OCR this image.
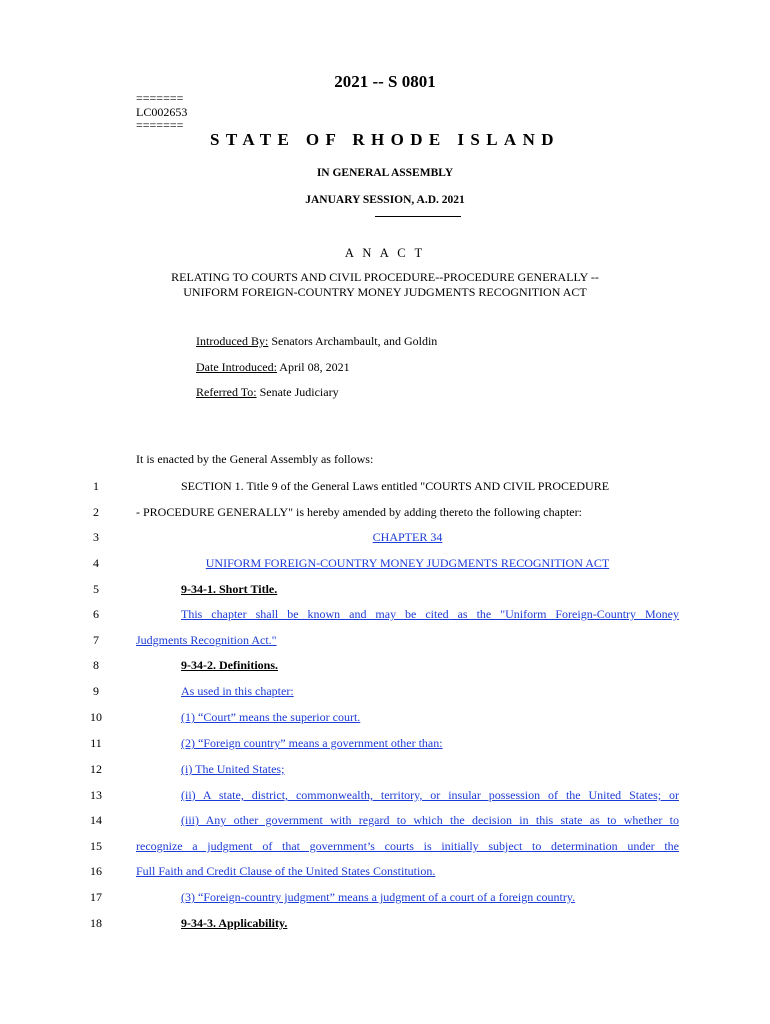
2021 -- S 0801
=======
LC002653
=======
STATE OF RHODE ISLAND
IN GENERAL ASSEMBLY
JANUARY SESSION, A.D. 2021
A N A C T
RELATING TO COURTS AND CIVIL PROCEDURE--PROCEDURE GENERALLY --
UNIFORM FOREIGN-COUNTRY MONEY JUDGMENTS RECOGNITION ACT
Introduced By: Senators Archambault, and Goldin
Date Introduced: April 08, 2021
Referred To: Senate Judiciary
It is enacted by the General Assembly as follows:
1	SECTION 1. Title 9 of the General Laws entitled "COURTS AND CIVIL PROCEDURE
2	- PROCEDURE GENERALLY" is hereby amended by adding thereto the following chapter:
3	CHAPTER 34
4	UNIFORM FOREIGN-COUNTRY MONEY JUDGMENTS RECOGNITION ACT
5	9-34-1. Short Title.
6	This chapter shall be known and may be cited as the "Uniform Foreign-Country Money
7	Judgments Recognition Act."
8	9-34-2. Definitions.
9	As used in this chapter:
10	(1) “Court” means the superior court.
11	(2) “Foreign country” means a government other than:
12	(i) The United States;
13	(ii) A state, district, commonwealth, territory, or insular possession of the United States; or
14	(iii) Any other government with regard to which the decision in this state as to whether to
15	recognize a judgment of that government’s courts is initially subject to determination under the
16	Full Faith and Credit Clause of the United States Constitution.
17	(3) “Foreign-country judgment” means a judgment of a court of a foreign country.
18	9-34-3. Applicability.
